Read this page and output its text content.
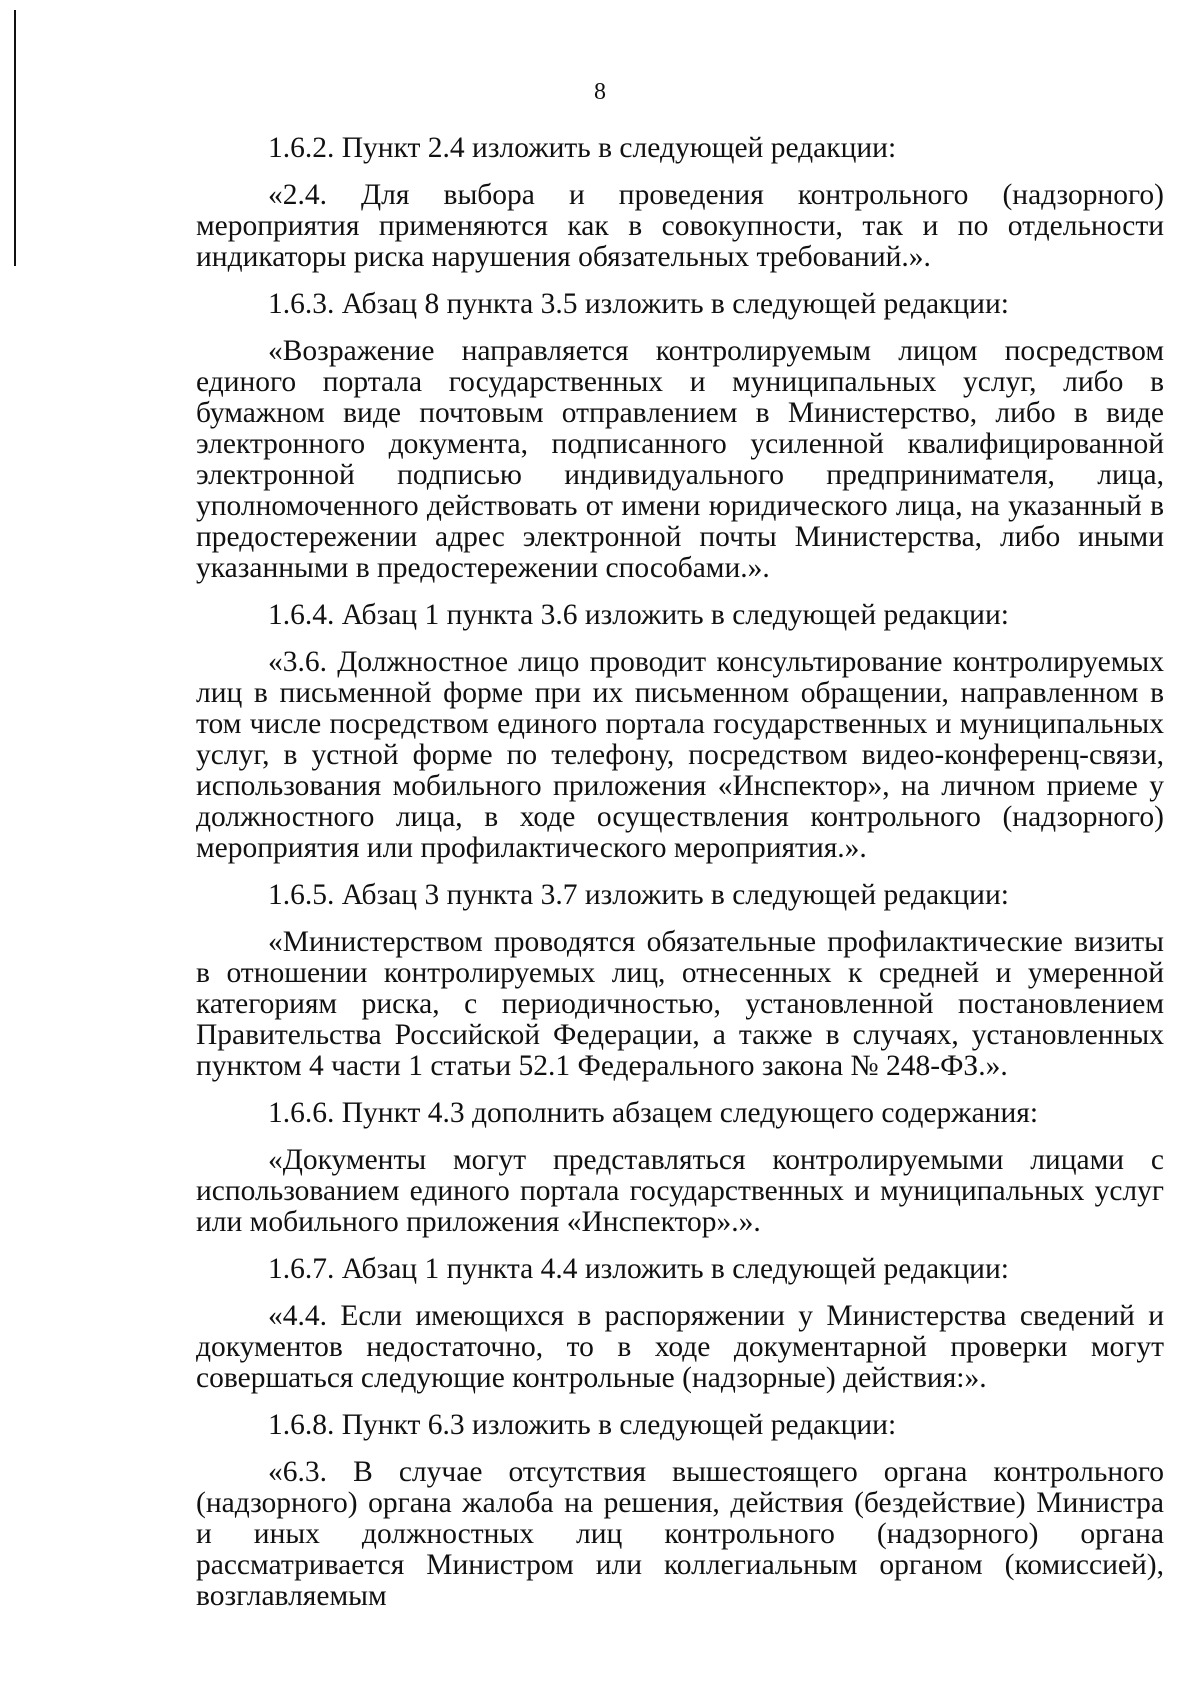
8

1.6.2. Пункт 2.4 изложить в следующей редакции:

«2.4. Для выбора и проведения контрольного (надзорного) мероприятия применяются как в совокупности, так и по отдельности индикаторы риска нарушения обязательных требований.».

1.6.3. Абзац 8 пункта 3.5 изложить в следующей редакции:

«Возражение направляется контролируемым лицом посредством единого портала государственных и муниципальных услуг, либо в бумажном виде почтовым отправлением в Министерство, либо в виде электронного документа, подписанного усиленной квалифицированной электронной подписью индивидуального предпринимателя, лица, уполномоченного действовать от имени юридического лица, на указанный в предостережении адрес электронной почты Министерства, либо иными указанными в предостережении способами.».

1.6.4. Абзац 1 пункта 3.6 изложить в следующей редакции:

«3.6. Должностное лицо проводит консультирование контролируемых лиц в письменной форме при их письменном обращении, направленном в том числе посредством единого портала государственных и муниципальных услуг, в устной форме по телефону, посредством видео-конференц-связи, использования мобильного приложения «Инспектор», на личном приеме у должностного лица, в ходе осуществления контрольного (надзорного) мероприятия или профилактического мероприятия.».

1.6.5. Абзац 3 пункта 3.7 изложить в следующей редакции:

«Министерством проводятся обязательные профилактические визиты в отношении контролируемых лиц, отнесенных к средней и умеренной категориям риска, с периодичностью, установленной постановлением Правительства Российской Федерации, а также в случаях, установленных пунктом 4 части 1 статьи 52.1 Федерального закона № 248-ФЗ.».

1.6.6. Пункт 4.3 дополнить абзацем следующего содержания:

«Документы могут представляться контролируемыми лицами с использованием единого портала государственных и муниципальных услуг или мобильного приложения «Инспектор».».

1.6.7. Абзац 1 пункта 4.4 изложить в следующей редакции:

«4.4. Если имеющихся в распоряжении у Министерства сведений и документов недостаточно, то в ходе документарной проверки могут совершаться следующие контрольные (надзорные) действия:».

1.6.8. Пункт 6.3 изложить в следующей редакции:

«6.3. В случае отсутствия вышестоящего органа контрольного (надзорного) органа жалоба на решения, действия (бездействие) Министра и иных должностных лиц контрольного (надзорного) органа рассматривается Министром или коллегиальным органом (комиссией), возглавляемым
